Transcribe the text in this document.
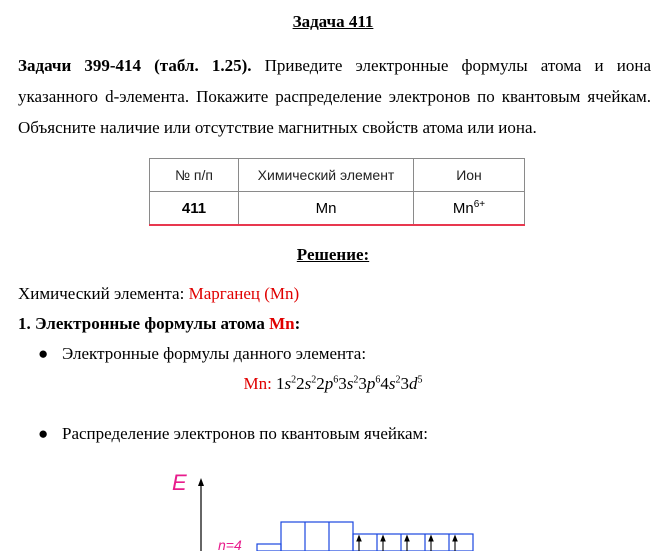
Задача 411
Задачи 399-414 (табл. 1.25). Приведите электронные формулы атома и иона указанного d-элемента. Покажите распределение электронов по квантовым ячейкам. Объясните наличие или отсутствие магнитных свойств атома или иона.
№ п/п	Химический элемент	Ион
411	Mn	$Mn^{6+}$
Решение:
Химический элемента: Марганец (Mn)
1. Электронные формулы атома Mn:
● Электронные формулы данного элемента:
Mn: $1s^22s^22p^63s^23p^64s^23d^5$
● Распределение электронов по квантовым ячейкам:
E
n=4
